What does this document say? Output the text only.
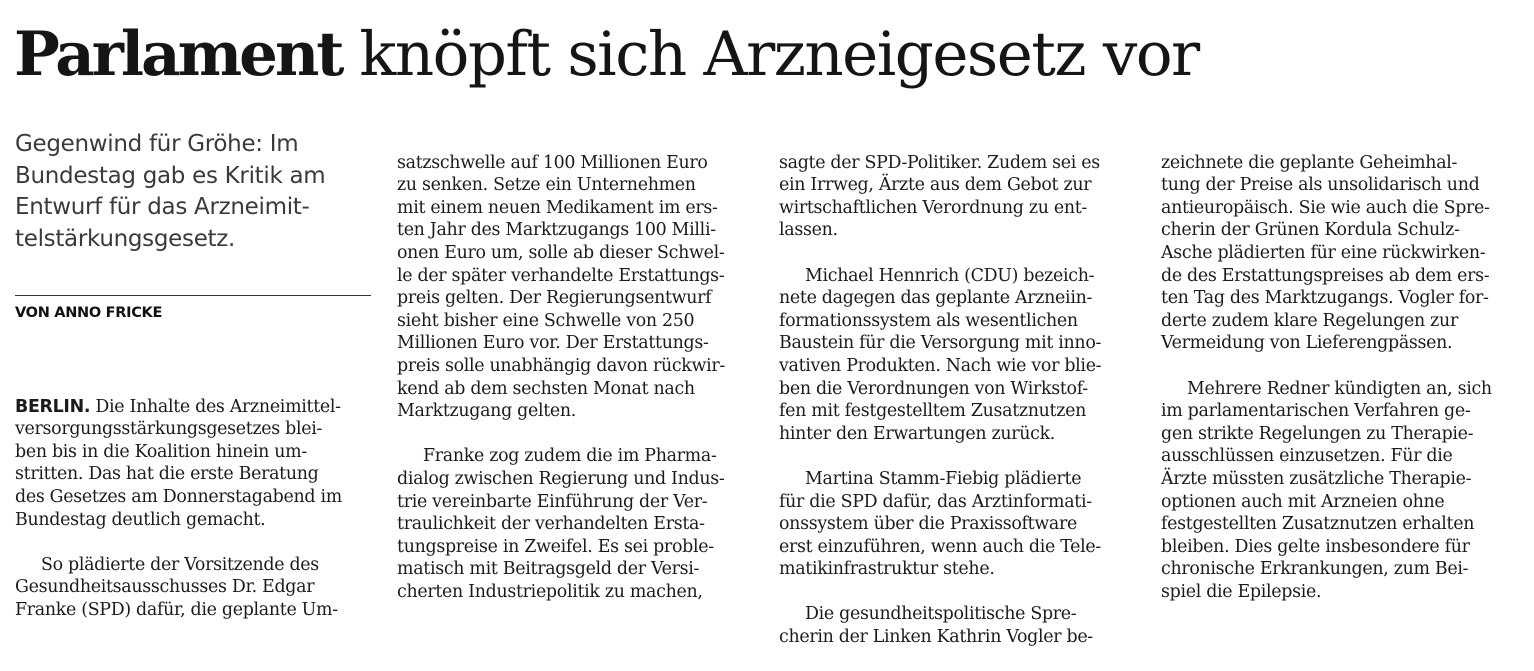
Parlament knöpft sich Arzneigesetz vor
Gegenwind für Gröhe: Im
Bundestag gab es Kritik am
Entwurf für das Arzneimit-
telstärkungsgesetz.
VON ANNO FRICKE

BERLIN. Die Inhalte des Arzneimittel-
versorgungsstärkungsgesetzes blei-
ben bis in die Koalition hinein um-
stritten. Das hat die erste Beratung
des Gesetzes am Donnerstagabend im
Bundestag deutlich gemacht.

So plädierte der Vorsitzende des
Gesundheitsausschusses Dr. Edgar
Franke (SPD) dafür, die geplante Um-

satzschwelle auf 100 Millionen Euro
zu senken. Setze ein Unternehmen
mit einem neuen Medikament im ers-
ten Jahr des Marktzugangs 100 Milli-
onen Euro um, solle ab dieser Schwel-
le der später verhandelte Erstattungs-
preis gelten. Der Regierungsentwurf
sieht bisher eine Schwelle von 250
Millionen Euro vor. Der Erstattungs-
preis solle unabhängig davon rückwir-
kend ab dem sechsten Monat nach
Marktzugang gelten.

Franke zog zudem die im Pharma-
dialog zwischen Regierung und Indus-
trie vereinbarte Einführung der Ver-
traulichkeit der verhandelten Ersta-
tungspreise in Zweifel. Es sei proble-
matisch mit Beitragsgeld der Versi-
cherten Industriepolitik zu machen,

sagte der SPD-Politiker. Zudem sei es
ein Irrweg, Ärzte aus dem Gebot zur
wirtschaftlichen Verordnung zu ent-
lassen.

Michael Hennrich (CDU) bezeich-
nete dagegen das geplante Arzneiin-
formationssystem als wesentlichen
Baustein für die Versorgung mit inno-
vativen Produkten. Nach wie vor blie-
ben die Verordnungen von Wirkstof-
fen mit festgestelltem Zusatznutzen
hinter den Erwartungen zurück.

Martina Stamm-Fiebig plädierte
für die SPD dafür, das Arztinformati-
onssystem über die Praxissoftware
erst einzuführen, wenn auch die Tele-
matikinfrastruktur stehe.

Die gesundheitspolitische Spre-
cherin der Linken Kathrin Vogler be-

zeichnete die geplante Geheimhal-
tung der Preise als unsolidarisch und
antieuropäisch. Sie wie auch die Spre-
cherin der Grünen Kordula Schulz-
Asche plädierten für eine rückwirken-
de des Erstattungspreises ab dem ers-
ten Tag des Marktzugangs. Vogler for-
derte zudem klare Regelungen zur
Vermeidung von Lieferengpässen.

Mehrere Redner kündigten an, sich
im parlamentarischen Verfahren ge-
gen strikte Regelungen zu Therapie-
ausschlüssen einzusetzen. Für die
Ärzte müssten zusätzliche Therapie-
optionen auch mit Arzneien ohne
festgestellten Zusatznutzen erhalten
bleiben. Dies gelte insbesondere für
chronische Erkrankungen, zum Bei-
spiel die Epilepsie.
